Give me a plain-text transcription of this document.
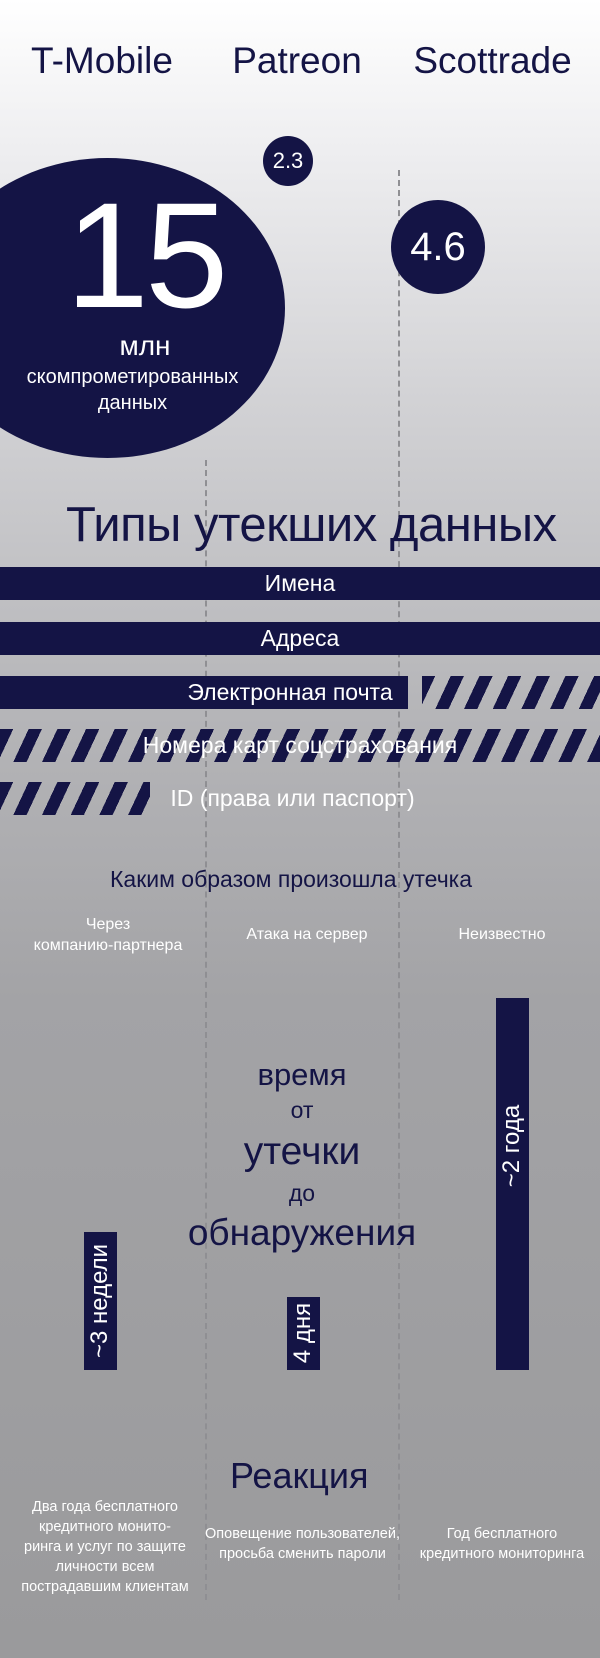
T-Mobile Patreon Scottrade
15
млн
скомпрометированных
данных
2.3
4.6
Типы утекших данных
Имена
Адреса
Электронная почта
Номера карт соцстрахования
ID (права или паспорт)
Каким образом произошла утечка
Через
компанию-партнера
Атака на сервер	Неизвестно
время
от
утечки
до
обнаружения
~3 недели	4 дня
~2 года
Реакция
Два года бесплатного
кредитного монито-
ринга и услуг по защите
личности всем
пострадавшим клиентам
Оповещение пользователей,
просьба сменить пароли
Год бесплатного
кредитного мониторинга
